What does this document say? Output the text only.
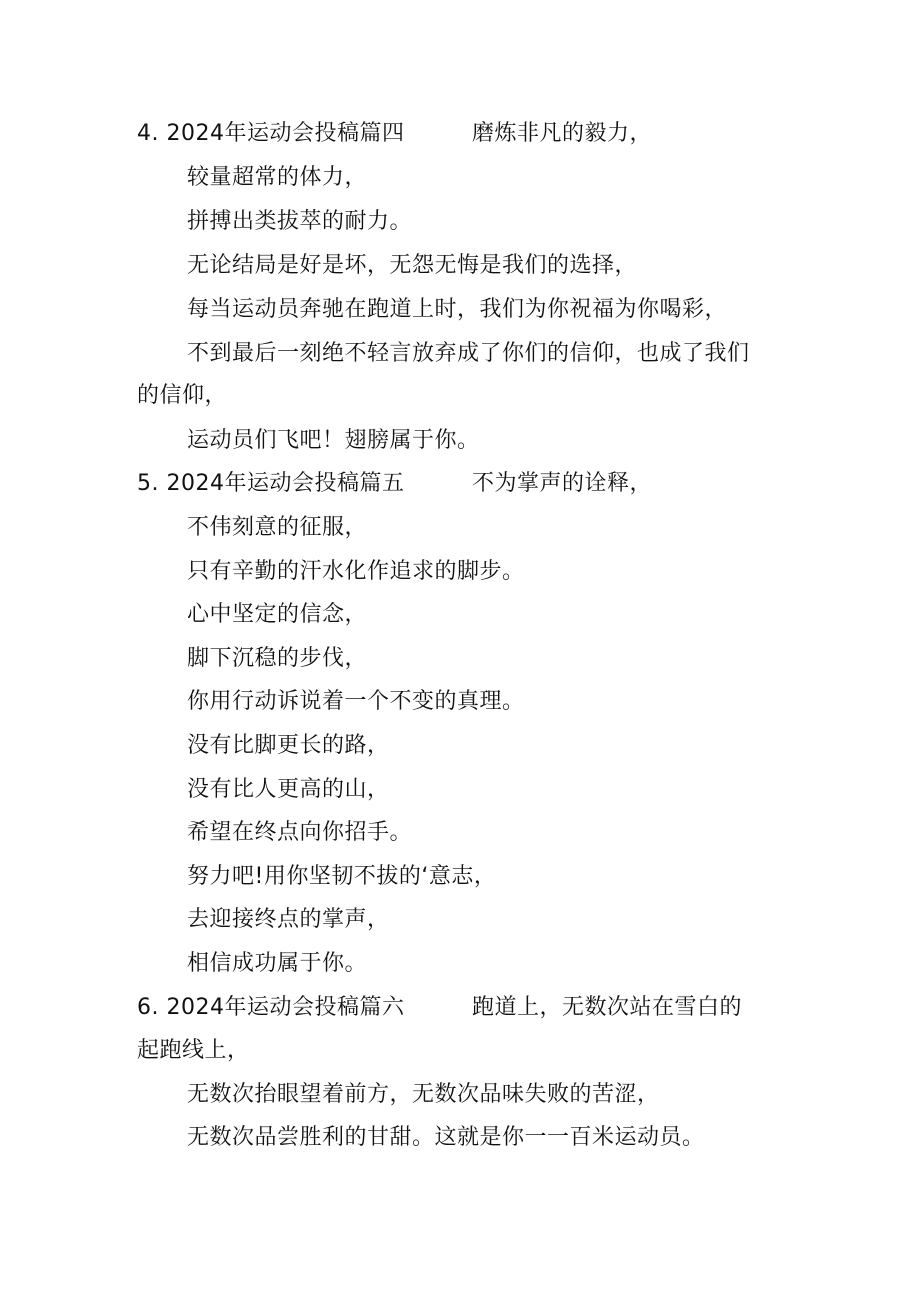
4. 2024年运动会投稿篇四	磨炼非凡的毅力，
较量超常的体力，
拼搏出类拔萃的耐力。
无论结局是好是坏，无怨无悔是我们的选择，
每当运动员奔驰在跑道上时，我们为你祝福为你喝彩，
不到最后一刻绝不轻言放弃成了你们的信仰，也成了我们
的信仰，
运动员们飞吧！翅膀属于你。
5. 2024年运动会投稿篇五	不为掌声的诠释，
不伟刻意的征服，
只有辛勤的汗水化作追求的脚步。
心中坚定的信念，
脚下沉稳的步伐，
你用行动诉说着一个不变的真理。
没有比脚更长的路，
没有比人更高的山，
希望在终点向你招手。
努力吧!用你坚韧不拔的‘意志，
去迎接终点的掌声，
相信成功属于你。
6. 2024年运动会投稿篇六	跑道上，无数次站在雪白的
起跑线上，
无数次抬眼望着前方，无数次品味失败的苦涩，
无数次品尝胜利的甘甜。这就是你一一百米运动员。
